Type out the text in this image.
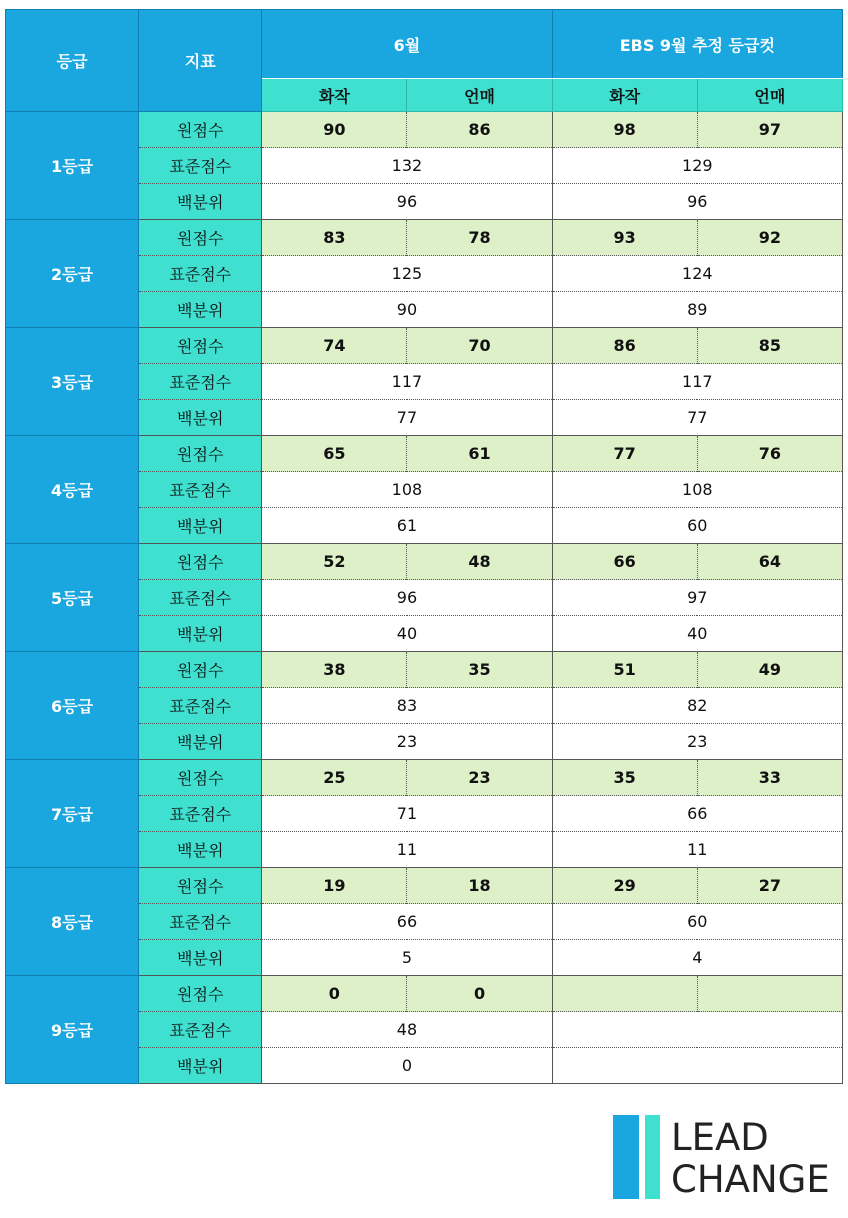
등급	지표	6월		EBS 9월 추정 등급컷	
		화작	언매	화작	언매
1등급	원점수	90	86	98	97
	표준점수	132		129	
	백분위	96		96	
2등급	원점수	83	78	93	92
	표준점수	125		124	
	백분위	90		89	
3등급	원점수	74	70	86	85
	표준점수	117		117	
	백분위	77		77	
4등급	원점수	65	61	77	76
	표준점수	108		108	
	백분위	61		60	
5등급	원점수	52	48	66	64
	표준점수	96		97	
	백분위	40		40	
6등급	원점수	38	35	51	49
	표준점수	83		82	
	백분위	23		23	
7등급	원점수	25	23	35	33
	표준점수	71		66	
	백분위	11		11	
8등급	원점수	19	18	29	27
	표준점수	66		60	
	백분위	5		4	
9등급	원점수	0	0		
	표준점수	48			
	백분위	0			
LEAD
CHANGE
